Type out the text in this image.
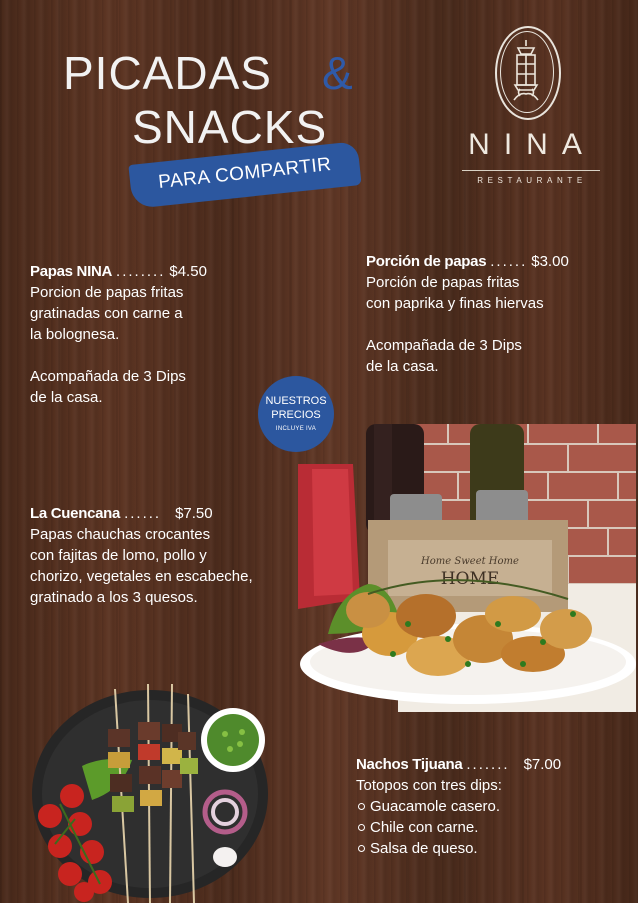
PICADAS &
SNACKS
PARA COMPARTIR
NINA
RESTAURANTE
Papas NINA ........ $4.50
Porcion de papas fritas
gratinadas con carne a
la bolognesa.
Acompañada de 3 Dips
de la casa.
Porción de papas ...... $3.00
Porción de papas fritas
con paprika y finas hiervas
Acompañada de 3 Dips
de la casa.
La Cuencana ...... $7.50
Papas chauchas crocantes
con fajitas de lomo, pollo y
chorizo, vegetales en escabeche,
gratinado a los 3 quesos.
Nachos Tijuana ....... $7.00
Totopos con tres dips:
Guacamole casero.
Chile con carne.
Salsa de queso.
NUESTROS
PRECIOS
INCLUYE IVA
Home Sweet Home
HOME
